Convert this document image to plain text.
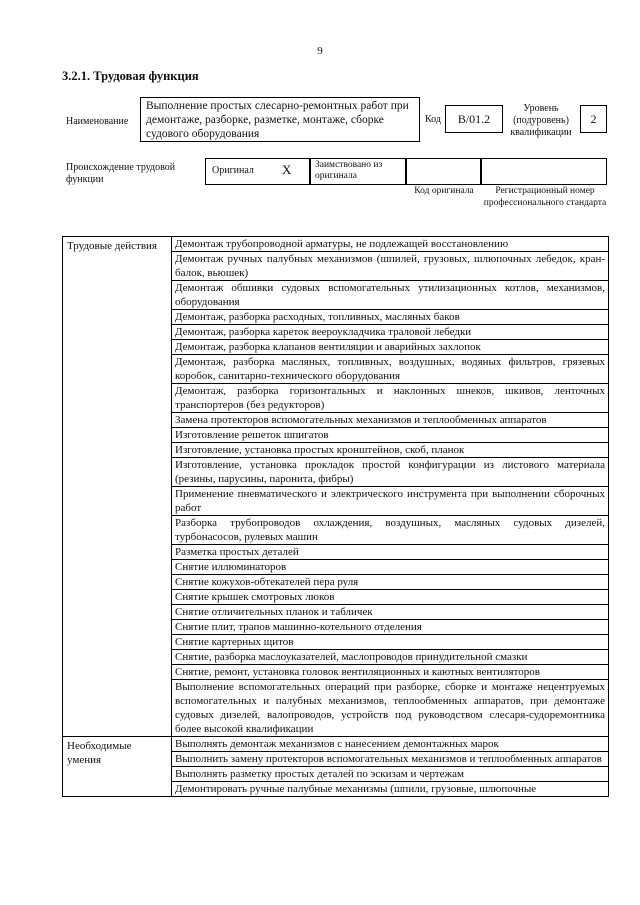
9
3.2.1. Трудовая функция
Наименование
Выполнение простых слесарно-ремонтных работ при демонтаже, разборке, разметке, монтаже, сборке судового оборудования
Код	B/01.2
Уровень (подуровень) квалификации
2
Происхождение трудовой функции
Оригинал X	Заимствовано из оригинала
Код оригинала	Регистрационный номер профессионального стандарта
Трудовые действия	Демонтаж трубопроводной арматуры, не подлежащей восстановлению
	Демонтаж ручных палубных механизмов (шпилей, грузовых, шлюпочных лебедок, кран-балок, вьюшек)
	Демонтаж обшивки судовых вспомогательных утилизационных котлов, механизмов, оборудования
	Демонтаж, разборка расходных, топливных, масляных баков
	Демонтаж, разборка кареток веероукладчика траловой лебедки
	Демонтаж, разборка клапанов вентиляции и аварийных захлопок
	Демонтаж, разборка масляных, топливных, воздушных, водяных фильтров, грязевых коробок, санитарно-технического оборудования
	Демонтаж, разборка горизонтальных и наклонных шнеков, шкивов, ленточных транспортеров (без редукторов)
	Замена протекторов вспомогательных механизмов и теплообменных аппаратов
	Изготовление решеток шпигатов
	Изготовление, установка простых кронштейнов, скоб, планок
	Изготовление, установка прокладок простой конфигурации из листового материала (резины, парусины, паронита, фибры)
	Применение пневматического и электрического инструмента при выполнении сборочных работ
	Разборка трубопроводов охлаждения, воздушных, масляных судовых дизелей, турбонасосов, рулевых машин
	Разметка простых деталей
	Снятие иллюминаторов
	Снятие кожухов-обтекателей пера руля
	Снятие крышек смотровых люков
	Снятие отличительных планок и табличек
	Снятие плит, трапов машинно-котельного отделения
	Снятие картерных щитов
	Снятие, разборка маслоуказателей, маслопроводов принудительной смазки
	Снятие, ремонт, установка головок вентиляционных и каютных вентиляторов
	Выполнение вспомогательных операций при разборке, сборке и монтаже нецентруемых вспомогательных и палубных механизмов, теплообменных аппаратов, при демонтаже судовых дизелей, валопроводов, устройств под руководством слесаря-судоремонтника более высокой квалификации
Необходимые умения	Выполнять демонтаж механизмов с нанесением демонтажных марок
	Выполнить замену протекторов вспомогательных механизмов и теплообменных аппаратов
	Выполнять разметку простых деталей по эскизам и чертежам
	Демонтировать ручные палубные механизмы (шпили, грузовые, шлюпочные
